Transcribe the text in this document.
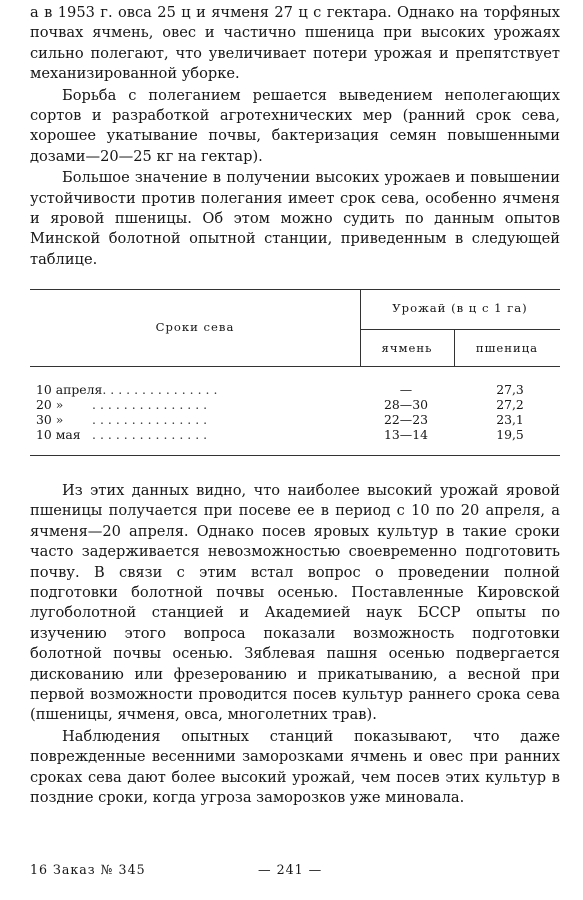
а в 1953 г. овса 25 ц и ячменя 27 ц с гектара. Однако на торфяных почвах ячмень, овес и частично пшеница при высоких урожаях сильно полегают, что увеличивает потери урожая и препятствует механизированной уборке.

Борьба с полеганием решается выведением неполегающих сортов и разработкой агротехнических мер (ранний срок сева, хорошее укатывание почвы, бактеризация семян повышенными дозами—20—25 кг на гектар).

Большое значение в получении высоких урожаев и повышении устойчивости против полегания имеет срок сева, особенно ячменя и яровой пшеницы. Об этом можно судить по данным опытов Минской болотной опытной станции, приведенным в следующей таблице.

Сроки сева
Урожай (в ц с 1 га)
ячмень	пшеница
10 апреля...............	—	27,3
20 » ...............	28—30	27,2
30 » ...............	22—23	23,1
10 мая ...............	13—14	19,5

Из этих данных видно, что наиболее высокий урожай яровой пшеницы получается при посеве ее в период с 10 по 20 апреля, а ячменя—20 апреля. Однако посев яровых культур в такие сроки часто задерживается невозможностью своевременно подготовить почву. В связи с этим встал вопрос о проведении полной подготовки болотной почвы осенью. Поставленные Кировской лугоболотной станцией и Академией наук БССР опыты по изучению этого вопроса показали возможность подготовки болотной почвы осенью. Зяблевая пашня осенью подвергается дискованию или фрезерованию и прикатыванию, а весной при первой возможности проводится посев культур раннего срока сева (пшеницы, ячменя, овса, многолетних трав).

Наблюдения опытных станций показывают, что даже поврежденные весенними заморозками ячмень и овес при ранних сроках сева дают более высокий урожай, чем посев этих культур в поздние сроки, когда угроза заморозков уже миновала.

16 Заказ № 345	— 241 —
